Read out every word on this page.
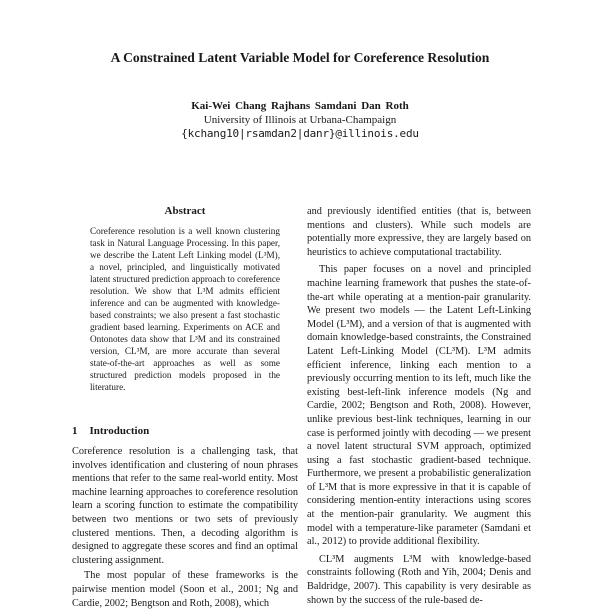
A Constrained Latent Variable Model for Coreference Resolution
Kai-Wei Chang Rajhans Samdani Dan Roth
University of Illinois at Urbana-Champaign
{kchang10|rsamdan2|danr}@illinois.edu
Abstract
Coreference resolution is a well known clustering task in Natural Language Processing. In this paper, we describe the Latent Left Linking model (L³M), a novel, principled, and linguistically motivated latent structured prediction approach to coreference resolution. We show that L³M admits efficient inference and can be augmented with knowledge-based constraints; we also present a fast stochastic gradient based learning. Experiments on ACE and Ontonotes data show that L³M and its constrained version, CL³M, are more accurate than several state-of-the-art approaches as well as some structured prediction models proposed in the literature.
1 Introduction

Coreference resolution is a challenging task, that involves identification and clustering of noun phrases mentions that refer to the same real-world entity. Most machine learning approaches to coreference resolution learn a scoring function to estimate the compatibility between two mentions or two sets of previously clustered mentions. Then, a decoding algorithm is designed to aggregate these scores and find an optimal clustering assignment.

The most popular of these frameworks is the pairwise mention model (Soon et al., 2001; Ng and Cardie, 2002; Bengtson and Roth, 2008), which

and previously identified entities (that is, between mentions and clusters). While such models are potentially more expressive, they are largely based on heuristics to achieve computational tractability.

This paper focuses on a novel and principled machine learning framework that pushes the state-of-the-art while operating at a mention-pair granularity. We present two models — the Latent Left-Linking Model (L³M), and a version of that is augmented with domain knowledge-based constraints, the Constrained Latent Left-Linking Model (CL³M). L³M admits efficient inference, linking each mention to a previously occurring mention to its left, much like the existing best-left-link inference models (Ng and Cardie, 2002; Bengtson and Roth, 2008). However, unlike previous best-link techniques, learning in our case is performed jointly with decoding — we present a novel latent structural SVM approach, optimized using a fast stochastic gradient-based technique. Furthermore, we present a probabilistic generalization of L³M that is more expressive in that it is capable of considering mention-entity interactions using scores at the mention-pair granularity. We augment this model with a temperature-like parameter (Samdani et al., 2012) to provide additional flexibility.

CL³M augments L³M with knowledge-based constraints following (Roth and Yih, 2004; Denis and Baldridge, 2007). This capability is very desirable as shown by the success of the rule-based de-
